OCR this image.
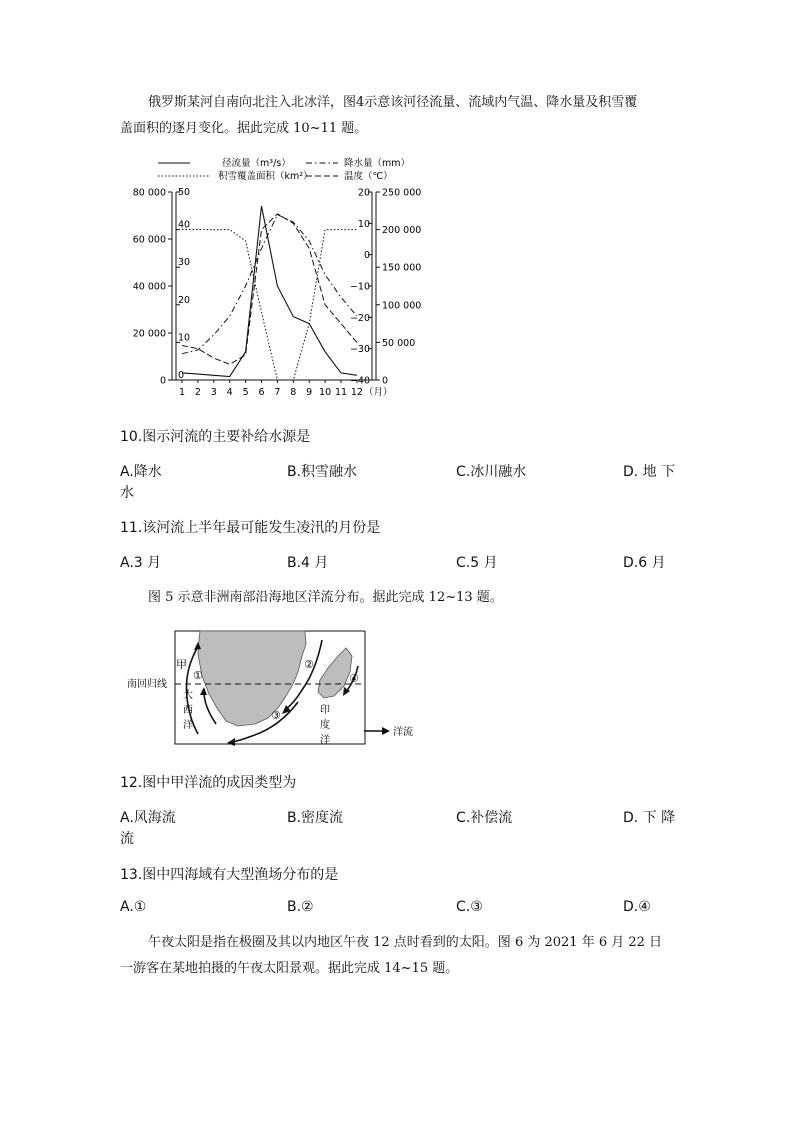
俄罗斯某河自南向北注入北冰洋，图4示意该河径流量、流域内气温、降水量及积雪覆
盖面积的逐月变化。据此完成 10~11 题。
径流量（m³/s）	降水量（mm）
积雪覆盖面积（km²）	温度（℃）
80 000
60 000
40 000
20 000
0
50
40
30
20
10
0
20
10
0
−10
−20
−30
−40
250 000
200 000
150 000
100 000
50 000
0
1 2 3 4 5 6 7 8 9 10 11 12 （月）
10.图示河流的主要补给水源是
A.降水	B.积雪融水	C.冰川融水	D. 地 下
水
11.该河流上半年最可能发生凌汛的月份是
A.3 月	B.4 月	C.5 月	D.6 月
图 5 示意非洲南部沿海地区洋流分布。据此完成 12~13 题。
南回归线
甲
①
②
③
④
大
西
洋
印
度
洋
洋流
12.图中甲洋流的成因类型为
A.风海流	B.密度流	C.补偿流	D. 下 降
流
13.图中四海域有大型渔场分布的是
A.①	B.②	C.③	D.④
午夜太阳是指在极圈及其以内地区午夜 12 点时看到的太阳。图 6 为 2021 年 6 月 22 日
一游客在某地拍摄的午夜太阳景观。据此完成 14~15 题。
